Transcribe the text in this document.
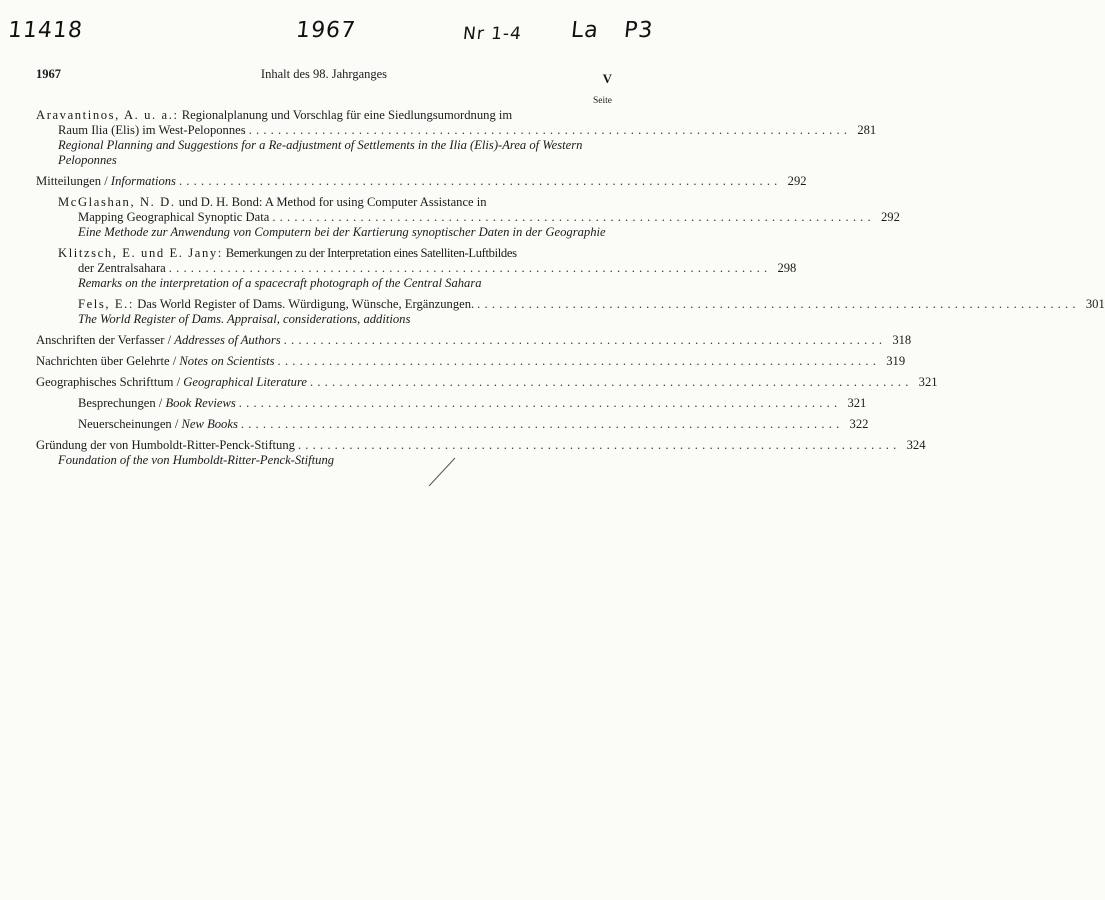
11418	1967	Nr 1-4 La P3
Inhalt des 98. Jahrganges
1967	V
Seite
Aravantinos, A. u. a.: Regionalplanung und Vorschlag für eine Siedlungsumordnung im
Raum Ilia (Elis) im West-Peloponnes .................................................................................. 281
Regional Planning and Suggestions for a Re-adjustment of Settlements in the Ilia (Elis)-Area of Western Peloponnes
Mitteilungen / Informations .................................................................................. 292
McGlashan, N. D. und D. H. Bond: A Method for using Computer Assistance in
Mapping Geographical Synoptic Data .................................................................................. 292
Eine Methode zur Anwendung von Computern bei der Kartierung synoptischer Daten in der Geographie
Klitzsch, E. und E. Jany: Bemerkungen zu der Interpretation eines Satelliten-Luftbildes
der Zentralsahara .................................................................................. 298
Remarks on the interpretation of a spacecraft photograph of the Central Sahara
Fels, E.: Das World Register of Dams. Würdigung, Wünsche, Ergänzungen. .................................................................................. 301
The World Register of Dams. Appraisal, considerations, additions
Anschriften der Verfasser / Addresses of Authors .................................................................................. 318
Nachrichten über Gelehrte / Notes on Scientists .................................................................................. 319
Geographisches Schrifttum / Geographical Literature .................................................................................. 321
Besprechungen / Book Reviews .................................................................................. 321
Neuerscheinungen / New Books .................................................................................. 322
Gründung der von Humboldt-Ritter-Penck-Stiftung .................................................................................. 324
Foundation of the von Humboldt-Ritter-Penck-Stiftung
